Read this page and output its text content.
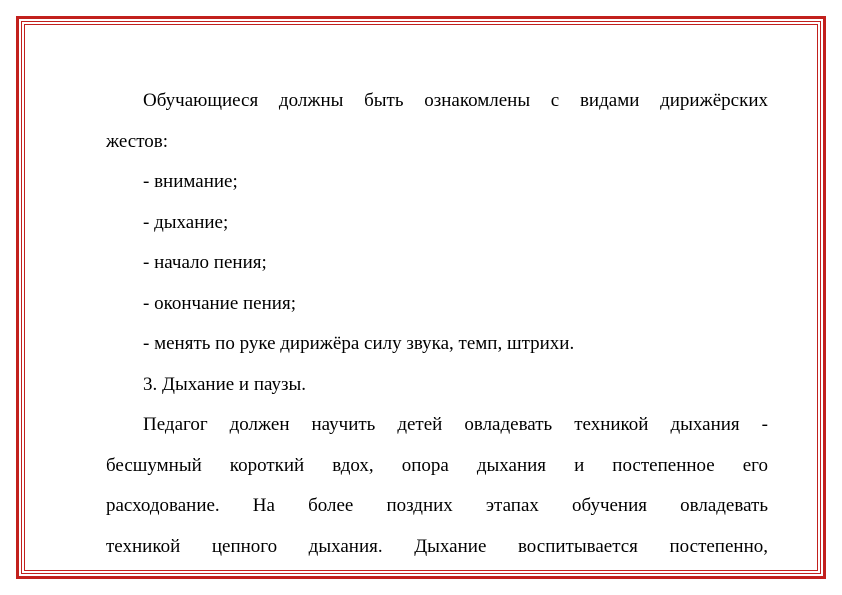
Обучающиеся должны быть ознакомлены с видами дирижёрских
жестов:
- внимание;
- дыхание;
- начало пения;
- окончание пения;
- менять по руке дирижёра силу звука, темп, штрихи.
3. Дыхание и паузы.
Педагог должен научить детей овладевать техникой дыхания -
бесшумный короткий вдох, опора дыхания и постепенное его
расходование. На более поздних этапах обучения овладевать
техникой цепного дыхания. Дыхание воспитывается постепенно,
